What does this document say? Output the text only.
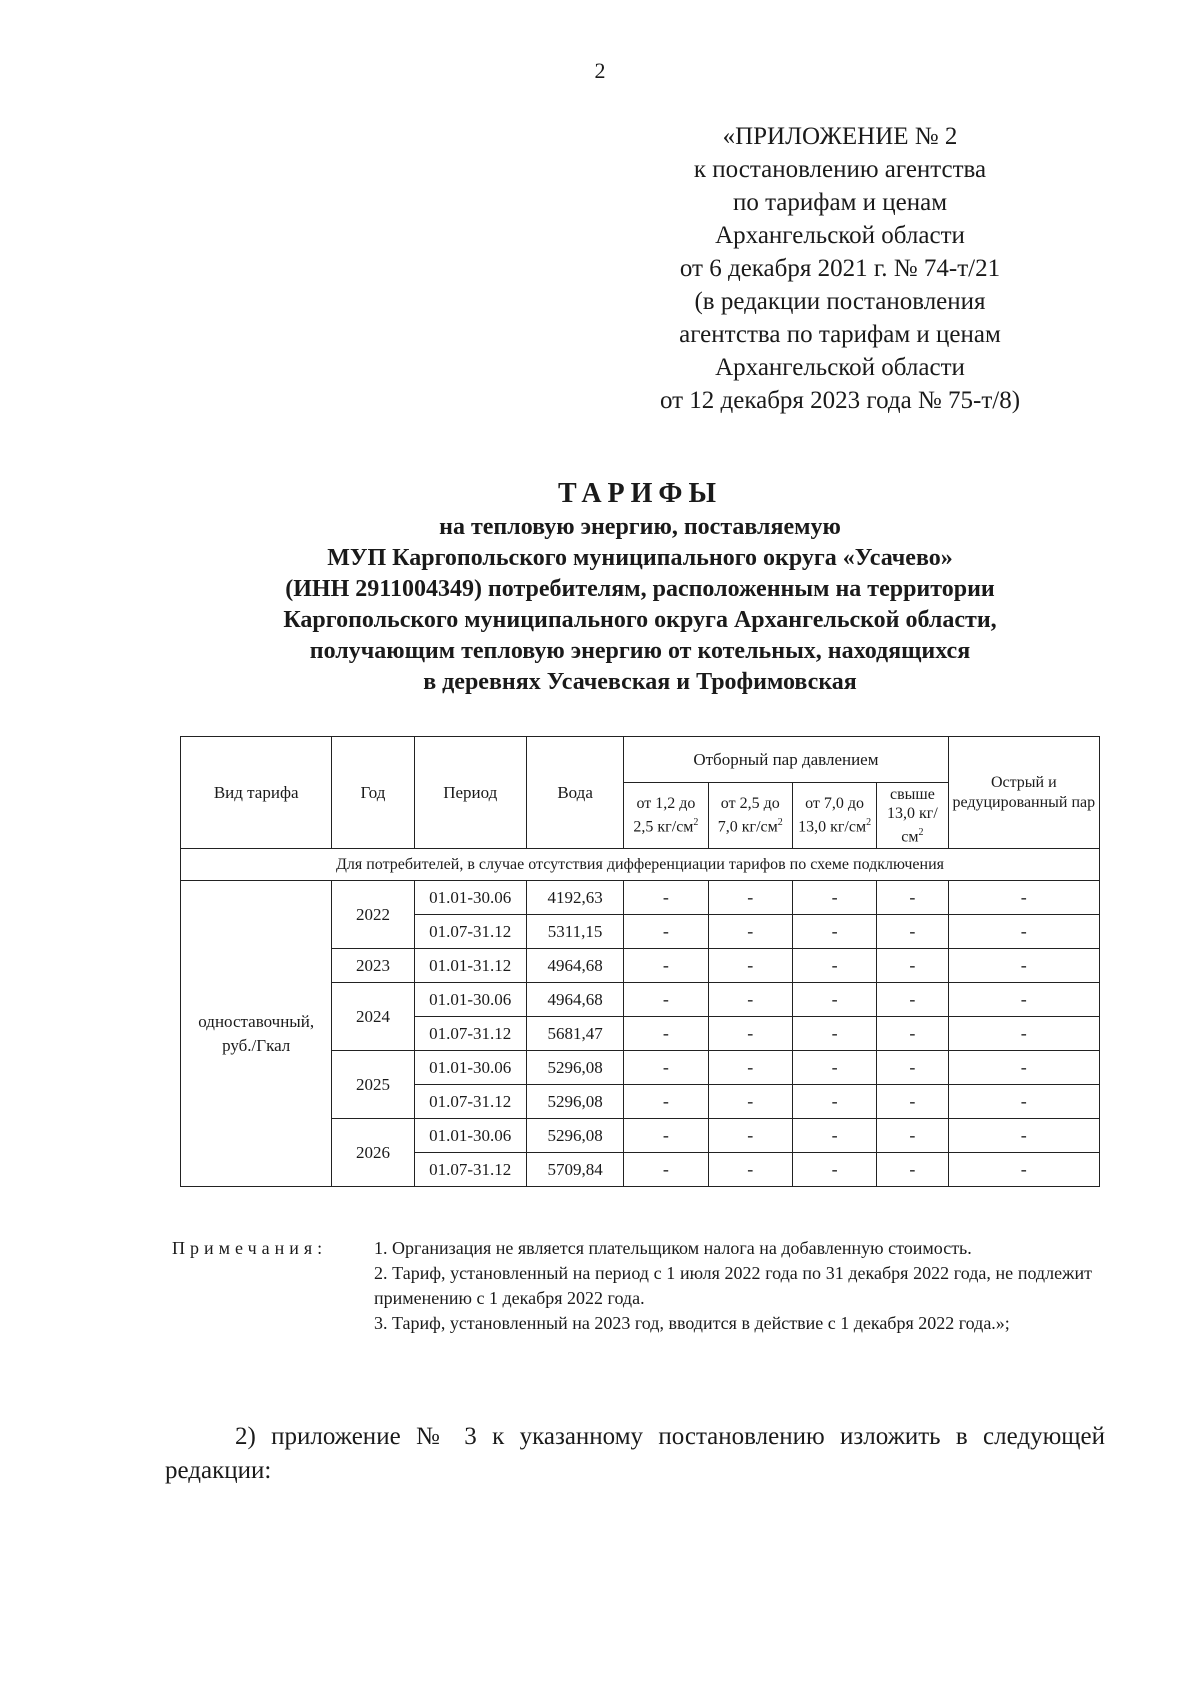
2
«ПРИЛОЖЕНИЕ № 2
к постановлению агентства
по тарифам и ценам
Архангельской области
от 6 декабря 2021 г. № 74-т/21
(в редакции постановления
агентства по тарифам и ценам
Архангельской области
от 12 декабря 2023 года № 75-т/8)
ТАРИФЫ
на тепловую энергию, поставляемую
МУП Каргопольского муниципального округа «Усачево»
(ИНН 2911004349) потребителям, расположенным на территории
Каргопольского муниципального округа Архангельской области,
получающим тепловую энергию от котельных, находящихся
в деревнях Усачевская и Трофимовская
Вид тарифа	Год	Период	Вода	Отборный пар давлением				Острый и редуцированный пар
				от 1,2 до 2,5 $кг/см^2$	от 2,5 до 7,0 $кг/см^2$	от 7,0 до 13,0 $кг/см^2$	свыше 13,0 $кг/см^2$
Для потребителей, в случае отсутствия дифференциации тарифов по схеме подключения								
одноставочный, руб./Гкал	2022	01.01-30.06	4192,63	-	-	-	-	-
		01.07-31.12	5311,15	-	-	-	-	-
	2023	01.01-31.12	4964,68	-	-	-	-	-
	2024	01.01-30.06	4964,68	-	-	-	-	-
		01.07-31.12	5681,47	-	-	-	-	-
	2025	01.01-30.06	5296,08	-	-	-	-	-
		01.07-31.12	5296,08	-	-	-	-	-
	2026	01.01-30.06	5296,08	-	-	-	-	-
		01.07-31.12	5709,84	-	-	-	-	-
Примечания:	1. Организация не является плательщиком налога на добавленную стоимость.

2. Тариф, установленный на период с 1 июля 2022 года по 31 декабря 2022 года, не подлежит применению с 1 декабря 2022 года.

3. Тариф, установленный на 2023 год, вводится в действие с 1 декабря 2022 года.»;

2) приложение № 3 к указанному постановлению изложить в следующей редакции:
